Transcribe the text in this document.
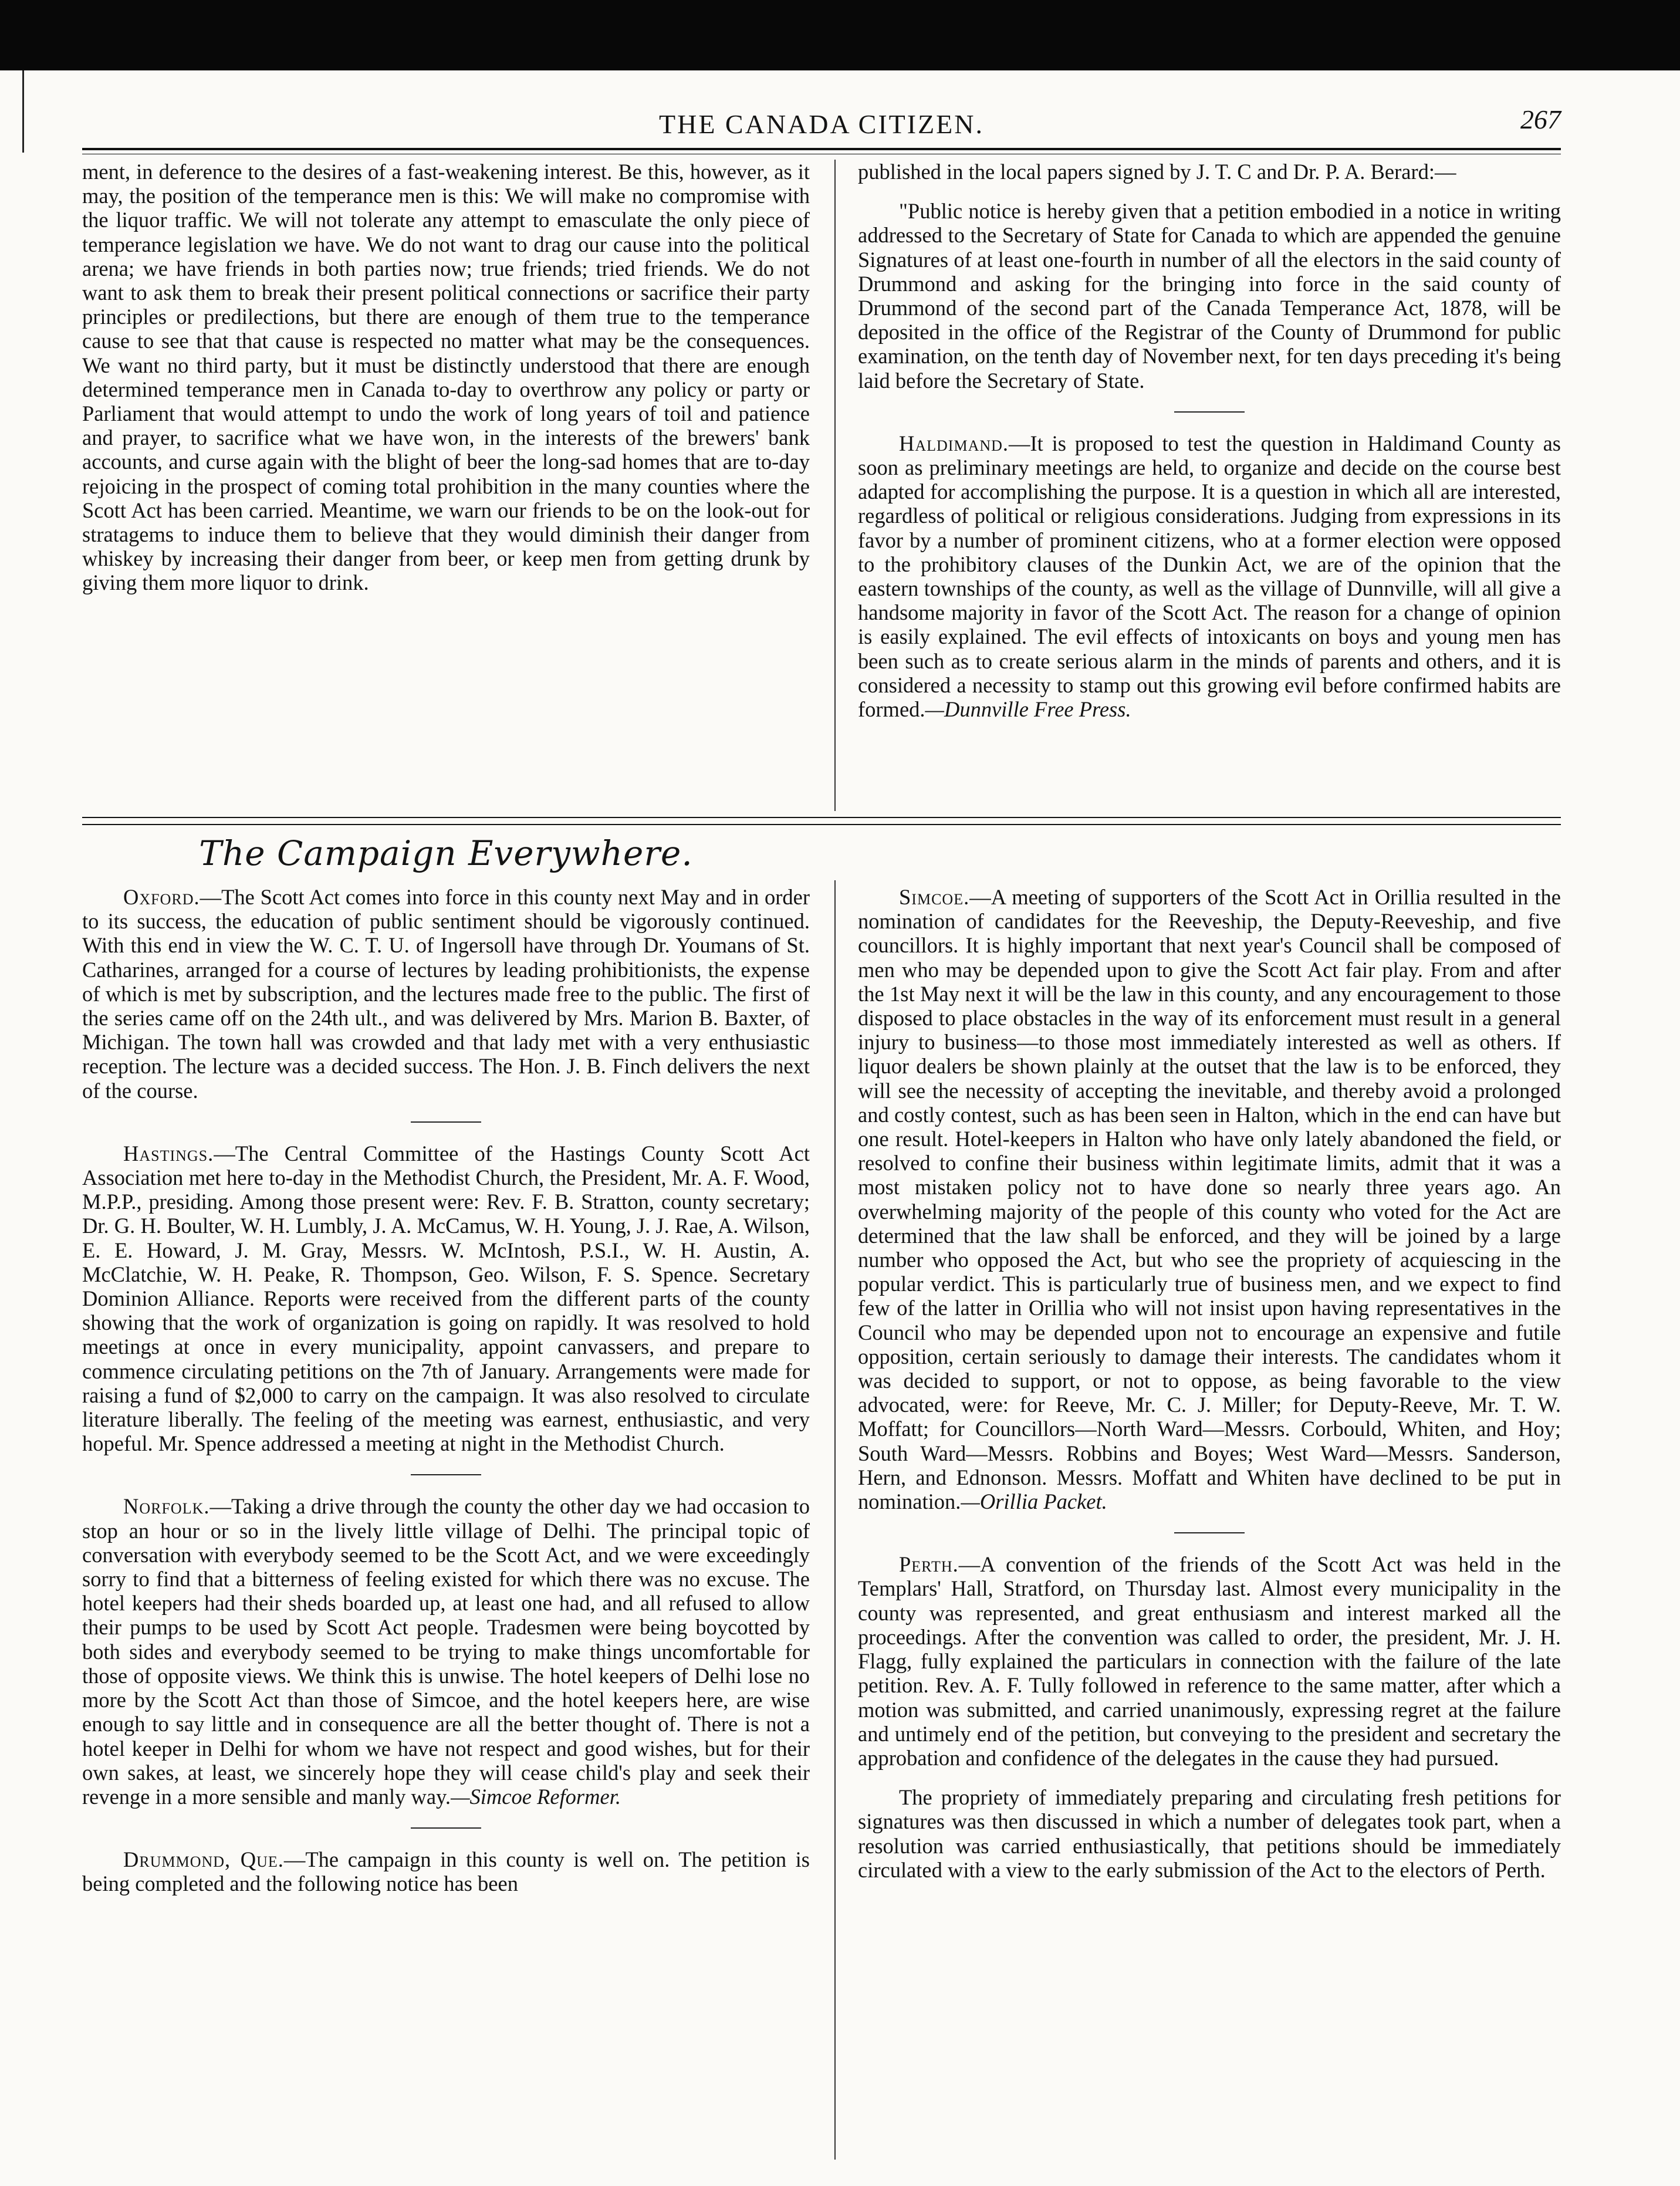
THE CANADA CITIZEN.	267

ment, in deference to the desires of a fast-weakening interest. Be this, however, as it may, the position of the temperance men is this: We will make no compromise with the liquor traffic. We will not tolerate any attempt to emasculate the only piece of temperance legislation we have. We do not want to drag our cause into the political arena; we have friends in both parties now; true friends; tried friends. We do not want to ask them to break their present political connections or sacrifice their party principles or predilections, but there are enough of them true to the temperance cause to see that that cause is respected no matter what may be the consequences. We want no third party, but it must be distinctly understood that there are enough determined temperance men in Canada to-day to overthrow any policy or party or Parliament that would attempt to undo the work of long years of toil and patience and prayer, to sacrifice what we have won, in the interests of the brewers' bank accounts, and curse again with the blight of beer the long-sad homes that are to-day rejoicing in the prospect of coming total prohibition in the many counties where the Scott Act has been carried. Meantime, we warn our friends to be on the look-out for stratagems to induce them to believe that they would diminish their danger from whiskey by increasing their danger from beer, or keep men from getting drunk by giving them more liquor to drink.

published in the local papers signed by J. T. C and Dr. P. A. Berard:—

"Public notice is hereby given that a petition embodied in a notice in writing addressed to the Secretary of State for Canada to which are appended the genuine Signatures of at least one-fourth in number of all the electors in the said county of Drummond and asking for the bringing into force in the said county of Drummond of the second part of the Canada Temperance Act, 1878, will be deposited in the office of the Registrar of the County of Drummond for public examination, on the tenth day of November next, for ten days preceding it's being laid before the Secretary of State.

Haldimand.—It is proposed to test the question in Haldimand County as soon as preliminary meetings are held, to organize and decide on the course best adapted for accomplishing the purpose. It is a question in which all are interested, regardless of political or religious considerations. Judging from expressions in its favor by a number of prominent citizens, who at a former election were opposed to the prohibitory clauses of the Dunkin Act, we are of the opinion that the eastern townships of the county, as well as the village of Dunnville, will all give a handsome majority in favor of the Scott Act. The reason for a change of opinion is easily explained. The evil effects of intoxicants on boys and young men has been such as to create serious alarm in the minds of parents and others, and it is considered a necessity to stamp out this growing evil before confirmed habits are formed.—Dunnville Free Press.

The Campaign Everywhere.

Oxford.—The Scott Act comes into force in this county next May and in order to its success, the education of public sentiment should be vigorously continued. With this end in view the W. C. T. U. of Ingersoll have through Dr. Youmans of St. Catharines, arranged for a course of lectures by leading prohibitionists, the expense of which is met by subscription, and the lectures made free to the public. The first of the series came off on the 24th ult., and was delivered by Mrs. Marion B. Baxter, of Michigan. The town hall was crowded and that lady met with a very enthusiastic reception. The lecture was a decided success. The Hon. J. B. Finch delivers the next of the course.

Hastings.—The Central Committee of the Hastings County Scott Act Association met here to-day in the Methodist Church, the President, Mr. A. F. Wood, M.P.P., presiding. Among those present were: Rev. F. B. Stratton, county secretary; Dr. G. H. Boulter, W. H. Lumbly, J. A. McCamus, W. H. Young, J. J. Rae, A. Wilson, E. E. Howard, J. M. Gray, Messrs. W. McIntosh, P.S.I., W. H. Austin, A. McClatchie, W. H. Peake, R. Thompson, Geo. Wilson, F. S. Spence. Secretary Dominion Alliance. Reports were received from the different parts of the county showing that the work of organization is going on rapidly. It was resolved to hold meetings at once in every municipality, appoint canvassers, and prepare to commence circulating petitions on the 7th of January. Arrangements were made for raising a fund of $2,000 to carry on the campaign. It was also resolved to circulate literature liberally. The feeling of the meeting was earnest, enthusiastic, and very hopeful. Mr. Spence addressed a meeting at night in the Methodist Church.

Norfolk.—Taking a drive through the county the other day we had occasion to stop an hour or so in the lively little village of Delhi. The principal topic of conversation with everybody seemed to be the Scott Act, and we were exceedingly sorry to find that a bitterness of feeling existed for which there was no excuse. The hotel keepers had their sheds boarded up, at least one had, and all refused to allow their pumps to be used by Scott Act people. Tradesmen were being boycotted by both sides and everybody seemed to be trying to make things uncomfortable for those of opposite views. We think this is unwise. The hotel keepers of Delhi lose no more by the Scott Act than those of Simcoe, and the hotel keepers here, are wise enough to say little and in consequence are all the better thought of. There is not a hotel keeper in Delhi for whom we have not respect and good wishes, but for their own sakes, at least, we sincerely hope they will cease child's play and seek their revenge in a more sensible and manly way.—Simcoe Reformer.

Drummond, Que.—The campaign in this county is well on. The petition is being completed and the following notice has been

Simcoe.—A meeting of supporters of the Scott Act in Orillia resulted in the nomination of candidates for the Reeveship, the Deputy-Reeveship, and five councillors. It is highly important that next year's Council shall be composed of men who may be depended upon to give the Scott Act fair play. From and after the 1st May next it will be the law in this county, and any encouragement to those disposed to place obstacles in the way of its enforcement must result in a general injury to business—to those most immediately interested as well as others. If liquor dealers be shown plainly at the outset that the law is to be enforced, they will see the necessity of accepting the inevitable, and thereby avoid a prolonged and costly contest, such as has been seen in Halton, which in the end can have but one result. Hotel-keepers in Halton who have only lately abandoned the field, or resolved to confine their business within legitimate limits, admit that it was a most mistaken policy not to have done so nearly three years ago. An overwhelming majority of the people of this county who voted for the Act are determined that the law shall be enforced, and they will be joined by a large number who opposed the Act, but who see the propriety of acquiescing in the popular verdict. This is particularly true of business men, and we expect to find few of the latter in Orillia who will not insist upon having representatives in the Council who may be depended upon not to encourage an expensive and futile opposition, certain seriously to damage their interests. The candidates whom it was decided to support, or not to oppose, as being favorable to the view advocated, were: for Reeve, Mr. C. J. Miller; for Deputy-Reeve, Mr. T. W. Moffatt; for Councillors—North Ward—Messrs. Corbould, Whiten, and Hoy; South Ward—Messrs. Robbins and Boyes; West Ward—Messrs. Sanderson, Hern, and Ednonson. Messrs. Moffatt and Whiten have declined to be put in nomination.—Orillia Packet.

Perth.—A convention of the friends of the Scott Act was held in the Templars' Hall, Stratford, on Thursday last. Almost every municipality in the county was represented, and great enthusiasm and interest marked all the proceedings. After the convention was called to order, the president, Mr. J. H. Flagg, fully explained the particulars in connection with the failure of the late petition. Rev. A. F. Tully followed in reference to the same matter, after which a motion was submitted, and carried unanimously, expressing regret at the failure and untimely end of the petition, but conveying to the president and secretary the approbation and confidence of the delegates in the cause they had pursued.

The propriety of immediately preparing and circulating fresh petitions for signatures was then discussed in which a number of delegates took part, when a resolution was carried enthusiastically, that petitions should be immediately circulated with a view to the early submission of the Act to the electors of Perth.
